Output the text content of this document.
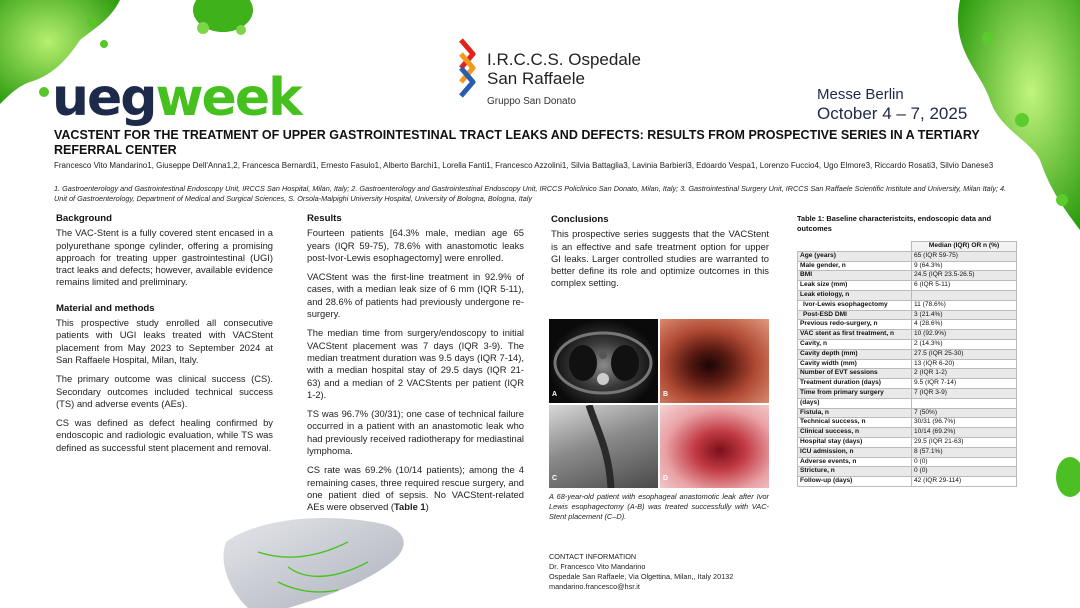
uegweek
I.R.C.C.S. Ospedale
San Raffaele
Gruppo San Donato	Messe Berlin
October 4 – 7, 2025
VACSTENT FOR THE TREATMENT OF UPPER GASTROINTESTINAL TRACT LEAKS AND DEFECTS: RESULTS FROM PROSPECTIVE SERIES IN A TERTIARY REFERRAL CENTER
Francesco Vito Mandarino1, Giuseppe Dell'Anna1,2, Francesca Bernardi1, Ernesto Fasulo1, Alberto Barchi1, Lorella Fanti1, Francesco Azzolini1, Silvia Battaglia3, Lavinia Barbieri3, Edoardo Vespa1, Lorenzo Fuccio4, Ugo Elmore3, Riccardo Rosati3, Silvio Danese3
1. Gastroenterology and Gastrointestinal Endoscopy Unit, IRCCS San Hospital, Milan, Italy; 2. Gastroenterology and Gastrointestinal Endoscopy Unit, IRCCS Policlinico San Donato, Milan, Italy; 3. Gastrointestinal Surgery Unit, IRCCS San Raffaele Scientific Institute and University, Milan Italy; 4. Unit of Gastroenterology, Department of Medical and Surgical Sciences, S. Orsola-Malpighi University Hospital, University of Bologna, Bologna, Italy
Background

The VAC-Stent is a fully covered stent encased in a polyurethane sponge cylinder, offering a promising approach for treating upper gastrointestinal (UGI) tract leaks and defects; however, available evidence remains limited and preliminary.

Material and methods

This prospective study enrolled all consecutive patients with UGI leaks treated with VACStent placement from May 2023 to September 2024 at San Raffaele Hospital, Milan, Italy.

The primary outcome was clinical success (CS). Secondary outcomes included technical success (TS) and adverse events (AEs).

CS was defined as defect healing confirmed by endoscopic and radiologic evaluation, while TS was defined as successful stent placement and removal.

Results

Fourteen patients [64.3% male, median age 65 years (IQR 59-75), 78.6% with anastomotic leaks post-Ivor-Lewis esophagectomy] were enrolled.

VACStent was the first-line treatment in 92.9% of cases, with a median leak size of 6 mm (IQR 5-11), and 28.6% of patients had previously undergone re-surgery.

The median time from surgery/endoscopy to initial VACStent placement was 7 days (IQR 3-9). The median treatment duration was 9.5 days (IQR 7-14), with a median hospital stay of 29.5 days (IQR 21-63) and a median of 2 VACStents per patient (IQR 1-2).

TS was 96.7% (30/31); one case of technical failure occurred in a patient with an anastomotic leak who had previously received radiotherapy for mediastinal lymphoma.

CS rate was 69.2% (10/14 patients); among the 4 remaining cases, three required rescue surgery, and one patient died of sepsis. No VACStent-related AEs were observed (Table 1)

Conclusions

This prospective series suggests that the VACStent is an effective and safe treatment option for upper GI leaks. Larger controlled studies are warranted to better define its role and optimize outcomes in this complex setting.

A	B
C	D
A 68-year-old patient with esophageal anastomotic leak after Ivor Lewis esophagectomy (A-B) was treated successfully with VAC-Stent placement (C–D).
CONTACT INFORMATION
Dr. Francesco Vito Mandarino
Ospedale San Raffaele, Via Olgettina, Milan,, Italy 20132
mandarino.francesco@hsr.it
Table 1: Baseline characteristcits, endoscopic data and outcomes
	Median (IQR) OR n (%)
Age (years)	65 (IQR 59-75)
Male gender, n	9 (64.3%)
BMI	24.5 (IQR 23.5-26.5)
Leak size (mm)	6 (IQR 5-11)
Leak etiology, n	
Ivor-Lewis esophagectomy	11 (78.6%)
Post-ESD DMI	3 (21.4%)
Previous redo-surgery, n	4 (28.6%)
VAC stent as first treatment, n	10 (92.9%)
Cavity, n	2 (14.3%)
Cavity depth (mm)	27.5 (IQR 25-30)
Cavity width (mm)	13 (IQR 6-20)
Number of EVT sessions	2 (IQR 1-2)
Treatment duration (days)	9.5 (IQR 7-14)
Time from primary surgery	7 (IQR 3-9)
(days)	
Fistula, n	7 (50%)
Technical success, n	30/31 (96.7%)
Clinical success, n	10/14 (69.2%)
Hospital stay (days)	29.5 (IQR 21-63)
ICU admission, n	8 (57.1%)
Adverse events, n	0 (0)
Stricture, n	0 (0)
Follow-up (days)	42 (IQR 29-114)
